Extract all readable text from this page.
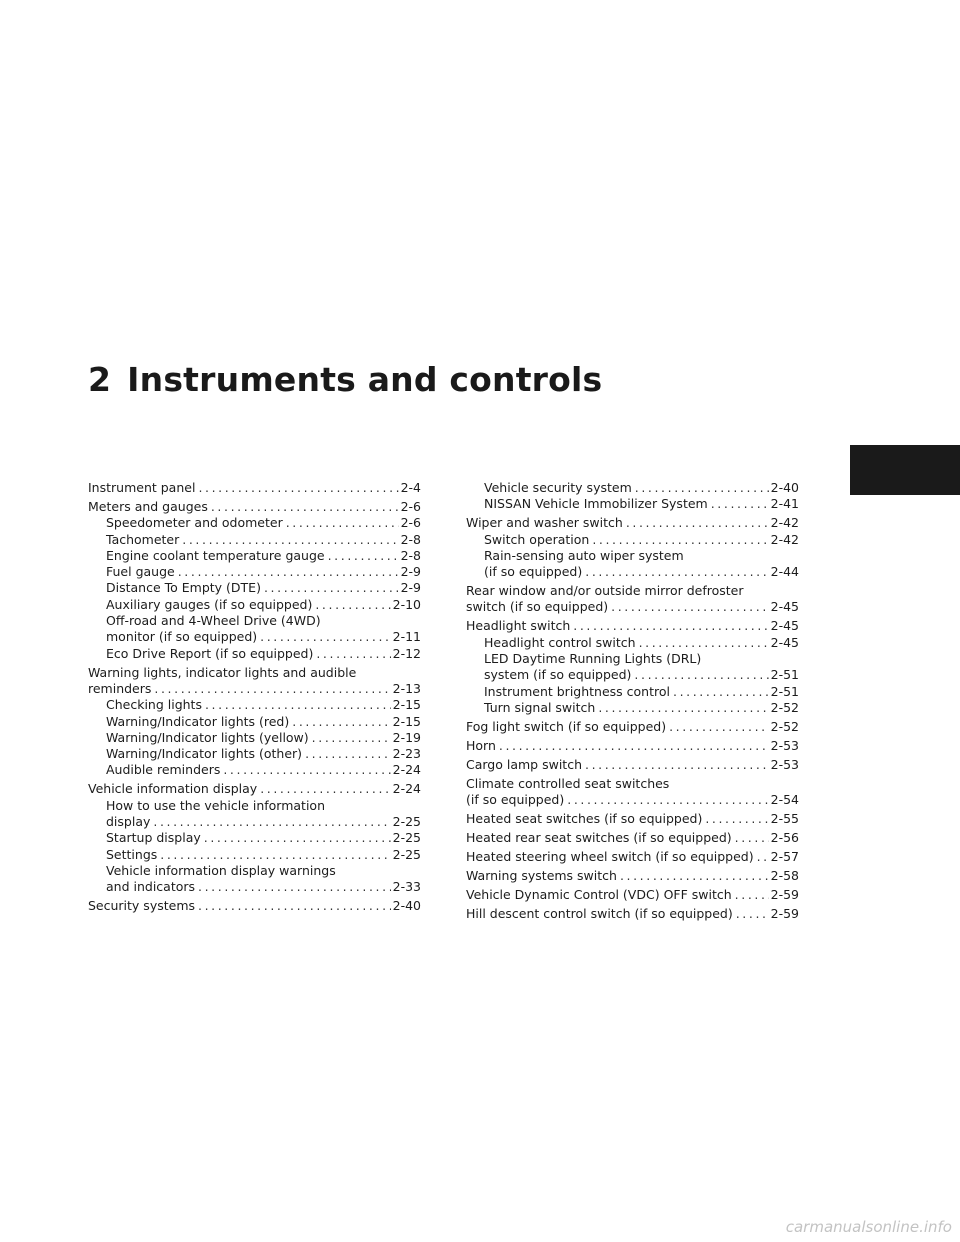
2 Instruments and controls
Instrument panel .....	2-4
Meters and gauges .....	2-6
Speedometer and odometer .....	2-6
Tachometer .....	2-8
Engine coolant temperature gauge .....	2-8
Fuel gauge .....	2-9
Distance To Empty (DTE) .....	2-9
Auxiliary gauges (if so equipped) .....	2-10
Off-road and 4-Wheel Drive (4WD)
monitor (if so equipped) .....	2-11
Eco Drive Report (if so equipped) .....	2-12
Warning lights, indicator lights and audible
reminders .....	2-13
Checking lights .....	2-15
Warning/Indicator lights (red) .....	2-15
Warning/Indicator lights (yellow) .....	2-19
Warning/Indicator lights (other) .....	2-23
Audible reminders .....	2-24
Vehicle information display .....	2-24
How to use the vehicle information
display .....	2-25
Startup display .....	2-25
Settings .....	2-25
Vehicle information display warnings
and indicators .....	2-33
Security systems .....	2-40
Vehicle security system .....	2-40
NISSAN Vehicle Immobilizer System .....	2-41
Wiper and washer switch .....	2-42
Switch operation .....	2-42
Rain-sensing auto wiper system
(if so equipped) .....	2-44
Rear window and/or outside mirror defroster
switch (if so equipped) .....	2-45
Headlight switch .....	2-45
Headlight control switch .....	2-45
LED Daytime Running Lights (DRL)
system (if so equipped) .....	2-51
Instrument brightness control .....	2-51
Turn signal switch .....	2-52
Fog light switch (if so equipped) .....	2-52
Horn .....	2-53
Cargo lamp switch .....	2-53
Climate controlled seat switches
(if so equipped) .....	2-54
Heated seat switches (if so equipped) .....	2-55
Heated rear seat switches (if so equipped) .....	2-56
Heated steering wheel switch (if so equipped) ..... 2-57
Warning systems switch .....	2-58
Vehicle Dynamic Control (VDC) OFF switch .....	2-59
Hill descent control switch (if so equipped) .....	2-59
carmanualsonline.info
